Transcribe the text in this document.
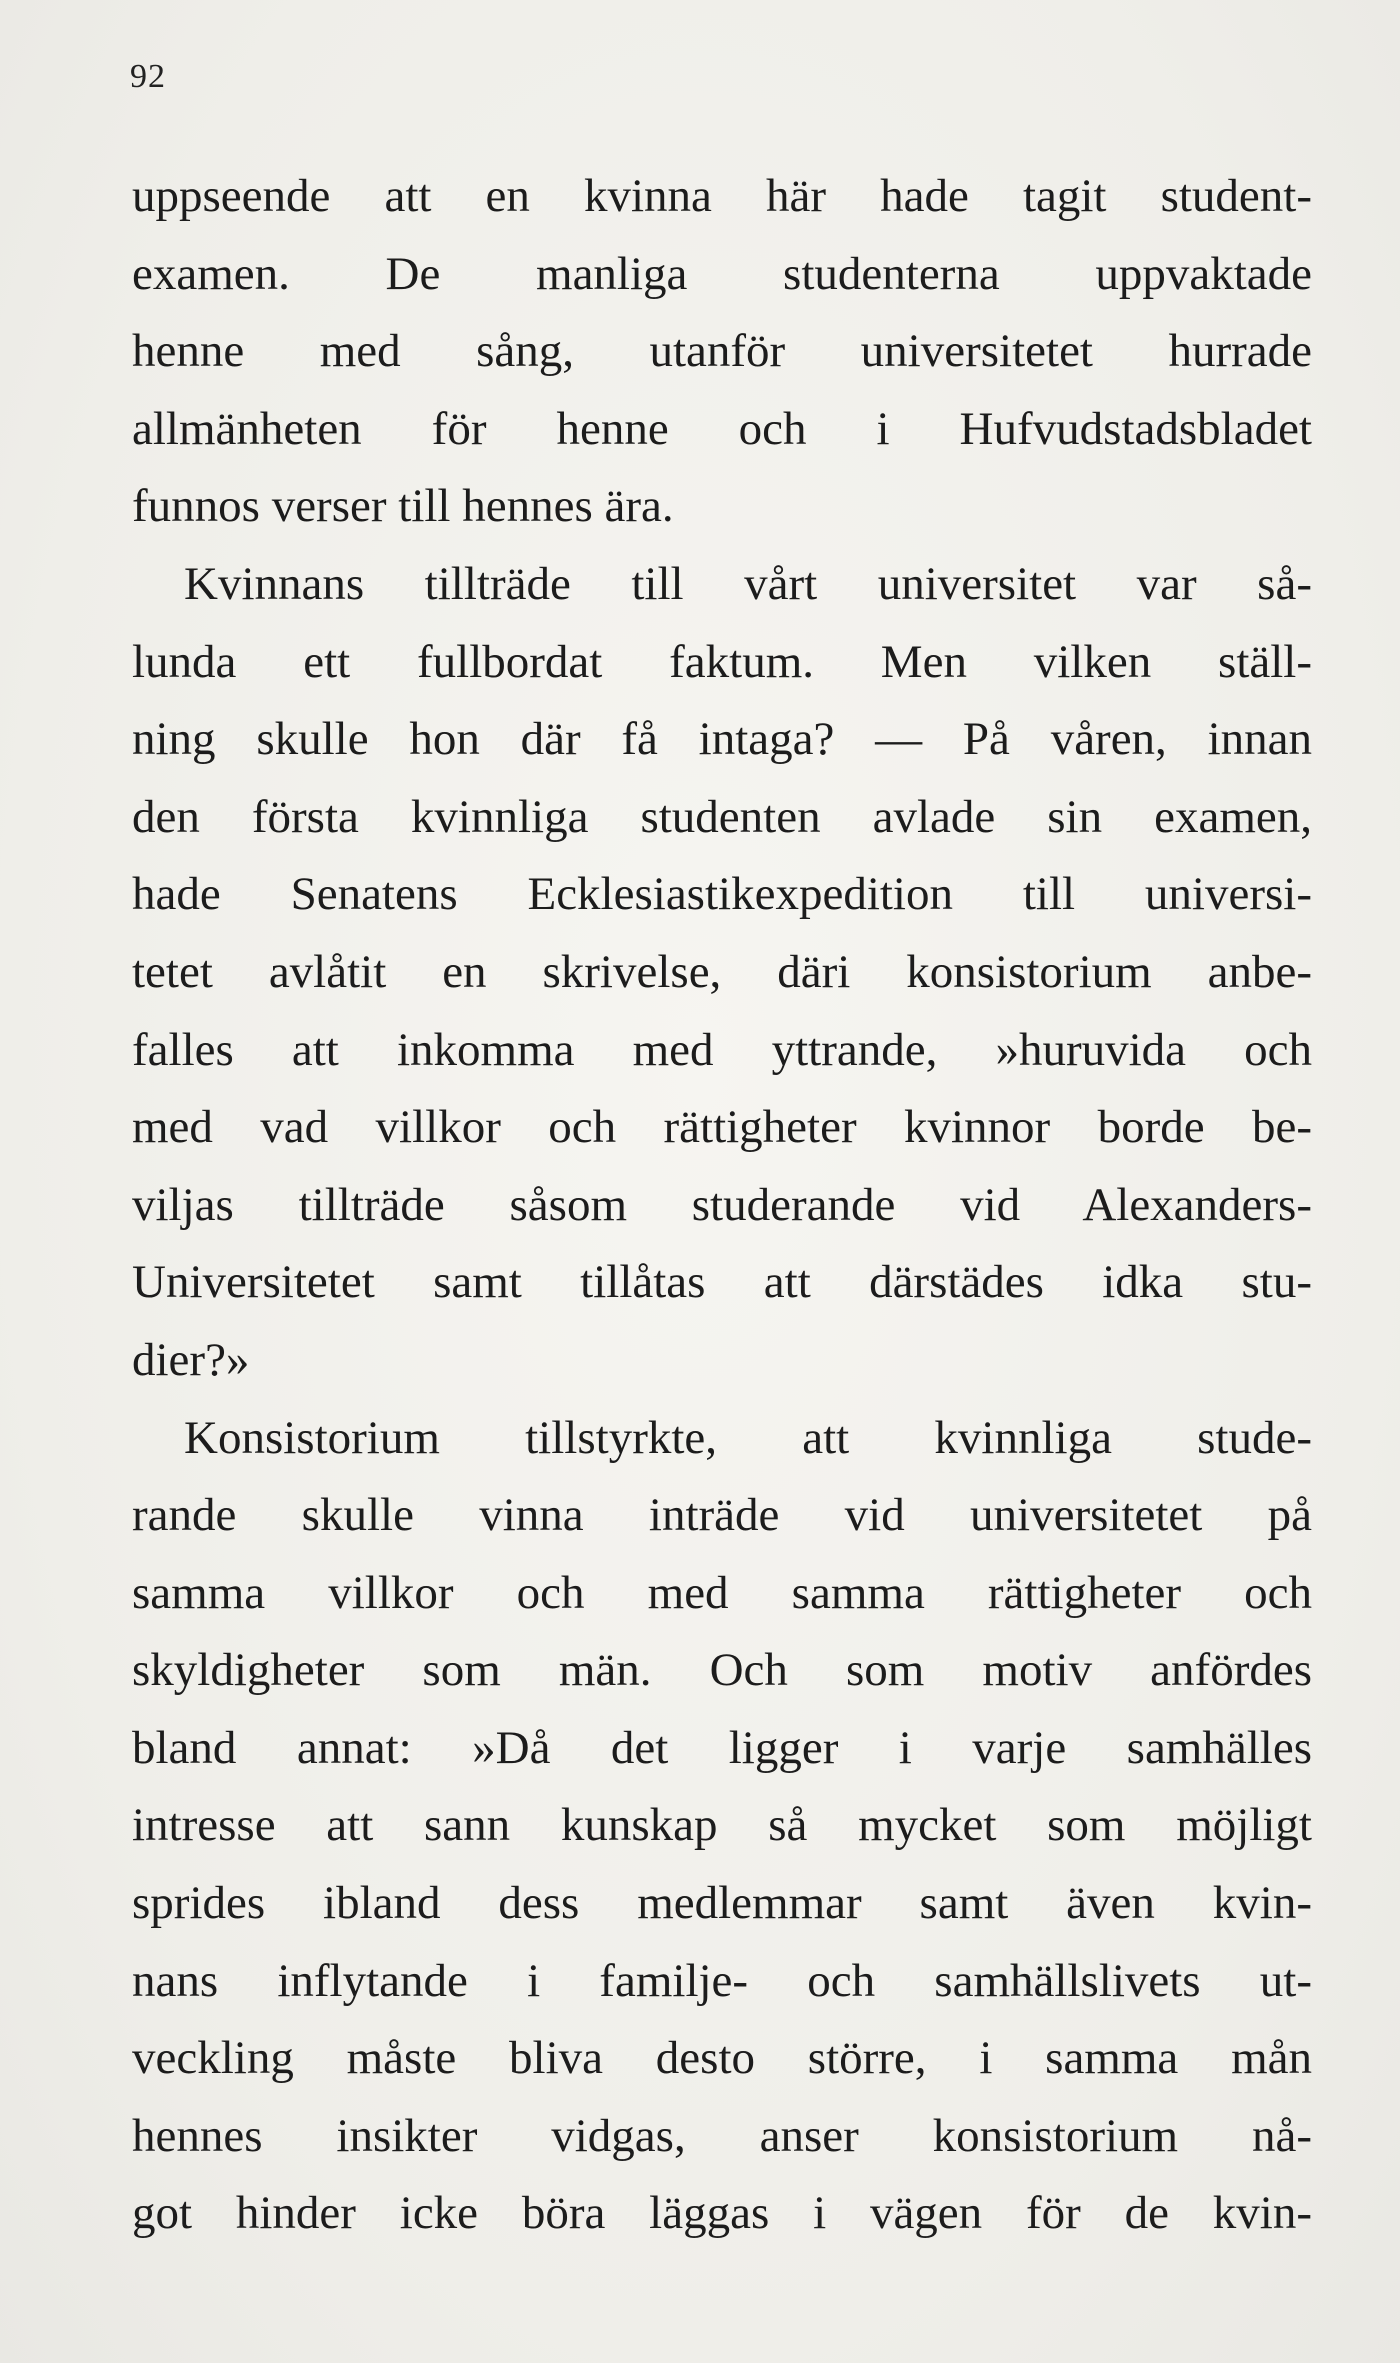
92
uppseende att en kvinna här hade tagit student-
examen. De manliga studenterna uppvaktade
henne med sång, utanför universitetet hurrade
allmänheten för henne och i Hufvudstadsbladet
funnos verser till hennes ära.
Kvinnans tillträde till vårt universitet var så-
lunda ett fullbordat faktum. Men vilken ställ-
ning skulle hon där få intaga? — På våren, innan
den första kvinnliga studenten avlade sin examen,
hade Senatens Ecklesiastikexpedition till universi-
tetet avlåtit en skrivelse, däri konsistorium anbe-
falles att inkomma med yttrande, »huruvida och
med vad villkor och rättigheter kvinnor borde be-
viljas tillträde såsom studerande vid Alexanders-
Universitetet samt tillåtas att därstädes idka stu-
dier?»
Konsistorium tillstyrkte, att kvinnliga stude-
rande skulle vinna inträde vid universitetet på
samma villkor och med samma rättigheter och
skyldigheter som män. Och som motiv anfördes
bland annat: »Då det ligger i varje samhälles
intresse att sann kunskap så mycket som möjligt
sprides ibland dess medlemmar samt även kvin-
nans inflytande i familje- och samhällslivets ut-
veckling måste bliva desto större, i samma mån
hennes insikter vidgas, anser konsistorium nå-
got hinder icke böra läggas i vägen för de kvin-
